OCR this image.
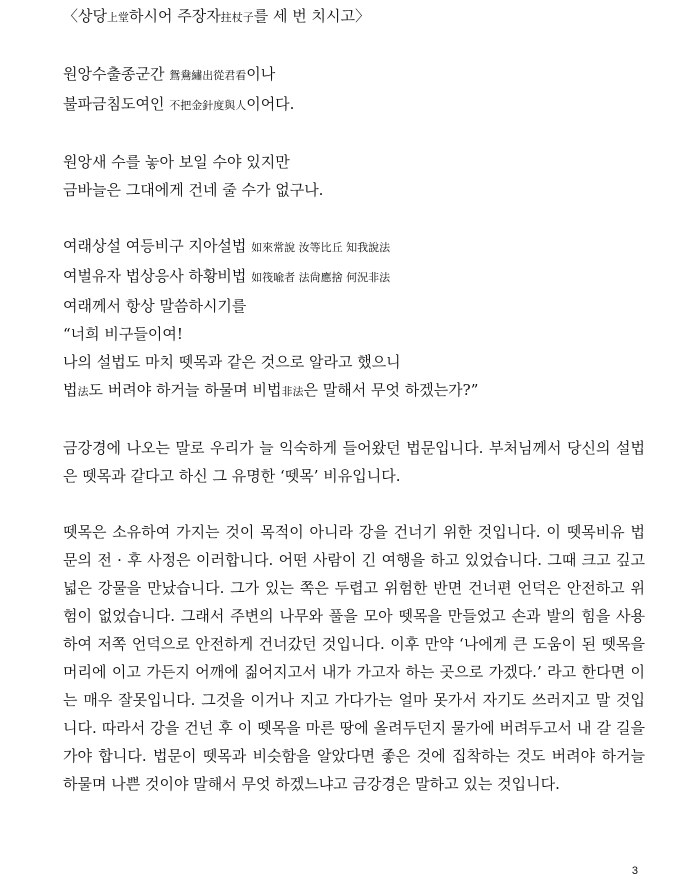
〈상당上堂하시어 주장자拄杖子를 세 번 치시고〉
원앙수출종군간 鴛鴦繡出從君看이나
불파금침도여인 不把金針度與人이어다.
원앙새 수를 놓아 보일 수야 있지만
금바늘은 그대에게 건네 줄 수가 없구나.
여래상설 여등비구 지아설법 如來常說 汝等比丘 知我說法
여벌유자 법상응사 하황비법 如筏喩者 法尙應捨 何況非法
여래께서 항상 말씀하시기를
“너희 비구들이여!
나의 설법도 마치 뗏목과 같은 것으로 알라고 했으니
법法도 버려야 하거늘 하물며 비법非法은 말해서 무엇 하겠는가?”

금강경에 나오는 말로 우리가 늘 익숙하게 들어왔던 법문입니다. 부처님께서 당신의 설법은 뗏목과 같다고 하신 그 유명한 ‘뗏목’ 비유입니다.

뗏목은 소유하여 가지는 것이 목적이 아니라 강을 건너기 위한 것입니다. 이 뗏목비유 법문의 전 · 후 사정은 이러합니다. 어떤 사람이 긴 여행을 하고 있었습니다. 그때 크고 깊고 넓은 강물을 만났습니다. 그가 있는 쪽은 두렵고 위험한 반면 건너편 언덕은 안전하고 위험이 없었습니다. 그래서 주변의 나무와 풀을 모아 뗏목을 만들었고 손과 발의 힘을 사용하여 저쪽 언덕으로 안전하게 건너갔던 것입니다. 이후 만약 ‘나에게 큰 도움이 된 뗏목을 머리에 이고 가든지 어깨에 짊어지고서 내가 가고자 하는 곳으로 가겠다.’ 라고 한다면 이는 매우 잘못입니다. 그것을 이거나 지고 가다가는 얼마 못가서 자기도 쓰러지고 말 것입니다. 따라서 강을 건넌 후 이 뗏목을 마른 땅에 올려두던지 물가에 버려두고서 내 갈 길을 가야 합니다. 법문이 뗏목과 비슷함을 알았다면 좋은 것에 집착하는 것도 버려야 하거늘 하물며 나쁜 것이야 말해서 무엇 하겠느냐고 금강경은 말하고 있는 것입니다.

3
